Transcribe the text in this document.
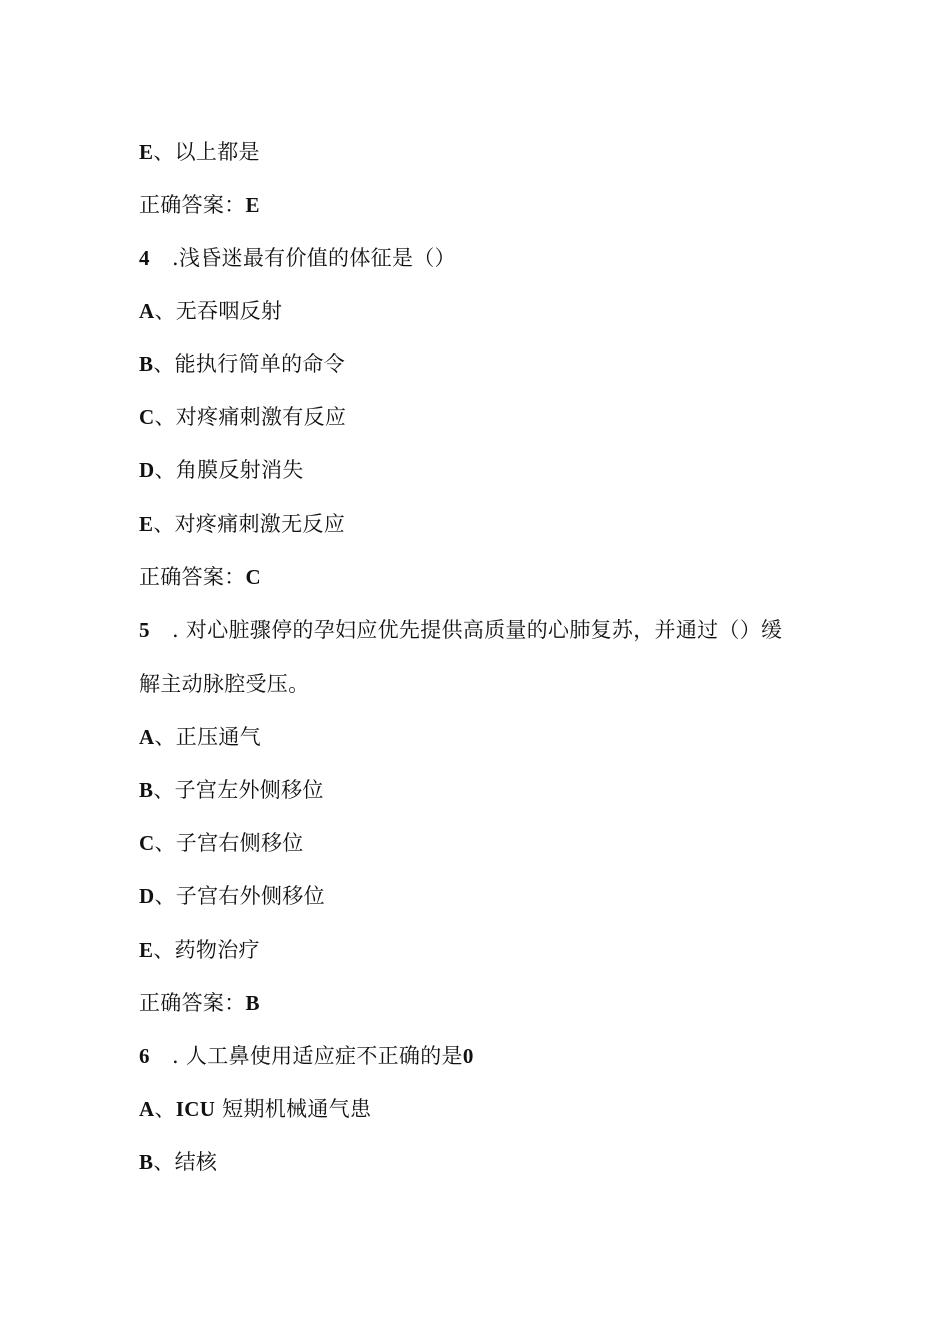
E、以上都是
正确答案：E
4 .浅昏迷最有价值的体征是（）
A、无吞咽反射
B、能执行简单的命令
C、对疼痛刺激有反应
D、角膜反射消失
E、对疼痛刺激无反应
正确答案：C
5 . 对心脏骤停的孕妇应优先提供高质量的心肺复苏，并通过（）缓
解主动脉腔受压。
A、正压通气
B、子宫左外侧移位
C、子宫右侧移位
D、子宫右外侧移位
E、药物治疗
正确答案：B
6 . 人工鼻使用适应症不正确的是0
A、ICU 短期机械通气患
B、结核
